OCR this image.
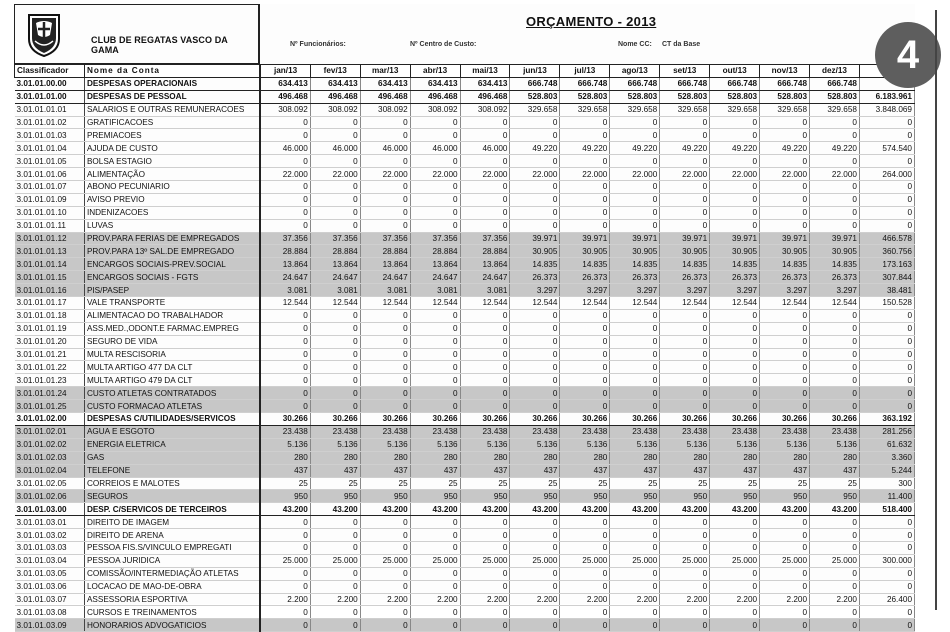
CLUB DE REGATAS VASCO DA GAMA
ORÇAMENTO - 2013
Nº Funcionários:	Nº Centro de Custo:	Nome CC: CT da Base
Classificador	Nome da Conta	jan/13	fev/13	mar/13	abr/13	mai/13	jun/13	jul/13	ago/13	set/13	out/13	nov/13	dez/13	
3.01.01.00.00	DESPESAS OPERACIONAIS	634.413	634.413	634.413	634.413	634.413	666.748	666.748	666.748	666.748	666.748	666.748	666.748	
3.01.01.01.00	DESPESAS DE PESSOAL	496.468	496.468	496.468	496.468	496.468	528.803	528.803	528.803	528.803	528.803	528.803	528.803	6.183.961
3.01.01.01.01	SALARIOS E OUTRAS REMUNERACOES	308.092	308.092	308.092	308.092	308.092	329.658	329.658	329.658	329.658	329.658	329.658	329.658	3.848.069
3.01.01.01.02	GRATIFICACOES	0	0	0	0	0	0	0	0	0	0	0	0	0
3.01.01.01.03	PREMIACOES	0	0	0	0	0	0	0	0	0	0	0	0	0
3.01.01.01.04	AJUDA DE CUSTO	46.000	46.000	46.000	46.000	46.000	49.220	49.220	49.220	49.220	49.220	49.220	49.220	574.540
3.01.01.01.05	BOLSA ESTAGIO	0	0	0	0	0	0	0	0	0	0	0	0	0
3.01.01.01.06	ALIMENTAÇÃO	22.000	22.000	22.000	22.000	22.000	22.000	22.000	22.000	22.000	22.000	22.000	22.000	264.000
3.01.01.01.07	ABONO PECUNIARIO	0	0	0	0	0	0	0	0	0	0	0	0	0
3.01.01.01.09	AVISO PREVIO	0	0	0	0	0	0	0	0	0	0	0	0	0
3.01.01.01.10	INDENIZACOES	0	0	0	0	0	0	0	0	0	0	0	0	0
3.01.01.01.11	LUVAS	0	0	0	0	0	0	0	0	0	0	0	0	0
3.01.01.01.12	PROV.PARA FERIAS DE EMPREGADOS	37.356	37.356	37.356	37.356	37.356	39.971	39.971	39.971	39.971	39.971	39.971	39.971	466.578
3.01.01.01.13	PROV.PARA 13º SAL.DE EMPREGADO	28.884	28.884	28.884	28.884	28.884	30.905	30.905	30.905	30.905	30.905	30.905	30.905	360.756
3.01.01.01.14	ENCARGOS SOCIAIS-PREV.SOCIAL	13.864	13.864	13.864	13.864	13.864	14.835	14.835	14.835	14.835	14.835	14.835	14.835	173.163
3.01.01.01.15	ENCARGOS SOCIAIS - FGTS	24.647	24.647	24.647	24.647	24.647	26.373	26.373	26.373	26.373	26.373	26.373	26.373	307.844
3.01.01.01.16	PIS/PASEP	3.081	3.081	3.081	3.081	3.081	3.297	3.297	3.297	3.297	3.297	3.297	3.297	38.481
3.01.01.01.17	VALE TRANSPORTE	12.544	12.544	12.544	12.544	12.544	12.544	12.544	12.544	12.544	12.544	12.544	12.544	150.528
3.01.01.01.18	ALIMENTACAO DO TRABALHADOR	0	0	0	0	0	0	0	0	0	0	0	0	0
3.01.01.01.19	ASS.MED.,ODONT.E FARMAC.EMPREG	0	0	0	0	0	0	0	0	0	0	0	0	0
3.01.01.01.20	SEGURO DE VIDA	0	0	0	0	0	0	0	0	0	0	0	0	0
3.01.01.01.21	MULTA RESCISORIA	0	0	0	0	0	0	0	0	0	0	0	0	0
3.01.01.01.22	MULTA ARTIGO 477 DA CLT	0	0	0	0	0	0	0	0	0	0	0	0	0
3.01.01.01.23	MULTA ARTIGO 479 DA CLT	0	0	0	0	0	0	0	0	0	0	0	0	0
3.01.01.01.24	CUSTO ATLETAS CONTRATADOS	0	0	0	0	0	0	0	0	0	0	0	0	0
3.01.01.01.25	CUSTO FORMACAO ATLETAS	0	0	0	0	0	0	0	0	0	0	0	0	0
3.01.01.02.00	DESPESAS C/UTILIDADES/SERVICOS	30.266	30.266	30.266	30.266	30.266	30.266	30.266	30.266	30.266	30.266	30.266	30.266	363.192
3.01.01.02.01	AGUA E ESGOTO	23.438	23.438	23.438	23.438	23.438	23.438	23.438	23.438	23.438	23.438	23.438	23.438	281.256
3.01.01.02.02	ENERGIA ELETRICA	5.136	5.136	5.136	5.136	5.136	5.136	5.136	5.136	5.136	5.136	5.136	5.136	61.632
3.01.01.02.03	GAS	280	280	280	280	280	280	280	280	280	280	280	280	3.360
3.01.01.02.04	TELEFONE	437	437	437	437	437	437	437	437	437	437	437	437	5.244
3.01.01.02.05	CORREIOS E MALOTES	25	25	25	25	25	25	25	25	25	25	25	25	300
3.01.01.02.06	SEGUROS	950	950	950	950	950	950	950	950	950	950	950	950	11.400
3.01.01.03.00	DESP. C/SERVICOS DE TERCEIROS	43.200	43.200	43.200	43.200	43.200	43.200	43.200	43.200	43.200	43.200	43.200	43.200	518.400
3.01.01.03.01	DIREITO DE IMAGEM	0	0	0	0	0	0	0	0	0	0	0	0	0
3.01.01.03.02	DIREITO DE ARENA	0	0	0	0	0	0	0	0	0	0	0	0	0
3.01.01.03.03	PESSOA FIS.S/VINCULO EMPREGATI	0	0	0	0	0	0	0	0	0	0	0	0	0
3.01.01.03.04	PESSOA JURIDICA	25.000	25.000	25.000	25.000	25.000	25.000	25.000	25.000	25.000	25.000	25.000	25.000	300.000
3.01.01.03.05	COMISSÃO/INTERMEDIAÇÃO ATLETAS	0	0	0	0	0	0	0	0	0	0	0	0	0
3.01.01.03.06	LOCACAO DE MAO-DE-OBRA	0	0	0	0	0	0	0	0	0	0	0	0	0
3.01.01.03.07	ASSESSORIA ESPORTIVA	2.200	2.200	2.200	2.200	2.200	2.200	2.200	2.200	2.200	2.200	2.200	2.200	26.400
3.01.01.03.08	CURSOS E TREINAMENTOS	0	0	0	0	0	0	0	0	0	0	0	0	0
3.01.01.03.09	HONORARIOS ADVOGATICIOS	0	0	0	0	0	0	0	0	0	0	0	0	0
4
